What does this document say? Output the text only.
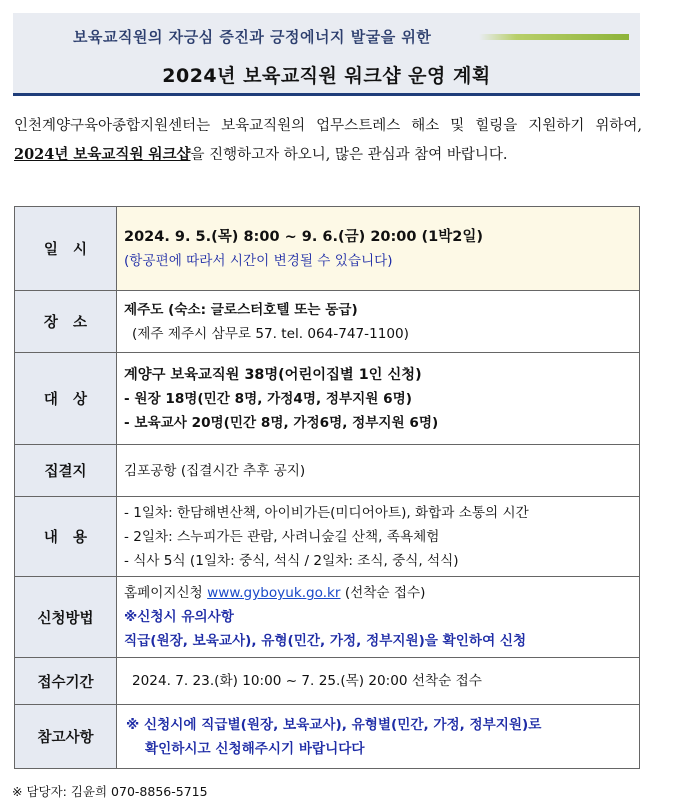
보육교직원의 자긍심 증진과 긍정에너지 발굴을 위한
2024년 보육교직원 워크샵 운영 계획
인천계양구육아종합지원센터는 보육교직원의 업무스트레스 해소 및 힐링을 지원하기 위하여, 2024년 보육교직원 워크샵을 진행하고자 하오니, 많은 관심과 참여 바랍니다.
일   시	2024. 9. 5.(목) 8:00 ~ 9. 6.(금) 20:00 (1박2일)
(항공편에 따라서 시간이 변경될 수 있습니다)

장   소	제주도 (숙소: 글로스터호텔 또는 동급)
(제주 제주시 삼무로 57. tel. 064-747-1100)

대   상	계양구 보육교직원 38명(어린이집별 1인 신청)
- 원장 18명(민간 8명, 가정4명, 정부지원 6명)
- 보육교사 20명(민간 8명, 가정6명, 정부지원 6명)

집결지	김포공항 (집결시간 추후 공지)

내   용	- 1일차: 한담해변산책, 아이비가든(미디어아트), 화합과 소통의 시간
- 2일차: 스누피가든 관람, 사려니숲길 산책, 족욕체험
- 식사 5식 (1일차: 중식, 석식 / 2일차: 조식, 중식, 석식)

신청방법	홈페이지신청 www.gyboyuk.go.kr (선착순 접수)
※신청시 유의사항
직급(원장, 보육교사), 유형(민간, 가정, 정부지원)을 확인하여 신청

접수기간	2024. 7. 23.(화) 10:00 ~ 7. 25.(목) 20:00 선착순 접수

참고사항	※ 신청시에 직급별(원장, 보육교사), 유형별(민간, 가정, 정부지원)로
확인하시고 신청해주시기 바랍니다다
※ 담당자: 김윤희 070-8856-5715
